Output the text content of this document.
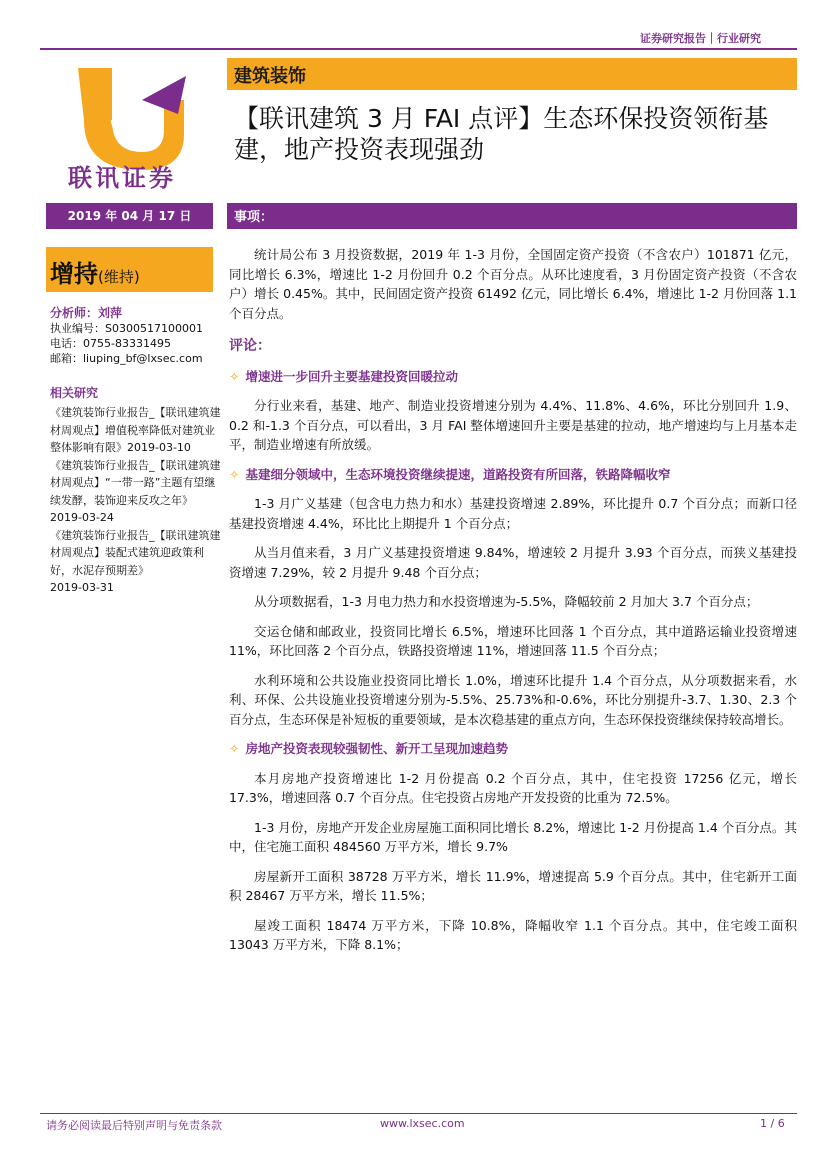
证券研究报告｜行业研究
联讯证券
建筑装饰
【联讯建筑 3 月 FAI 点评】生态环保投资领衔基建，地产投资表现强劲
2019 年 04 月 17 日	事项：
增持(维持)
分析师：刘萍
执业编号：S0300517100001
电话：0755-83331495
邮箱：liuping_bf@lxsec.com
相关研究

《建筑装饰行业报告_【联讯建筑建材周观点】增值税率降低对建筑业整体影响有限》2019-03-10

《建筑装饰行业报告_【联讯建筑建材周观点】“一带一路”主题有望继续发酵，装饰迎来反攻之年》

2019-03-24

《建筑装饰行业报告_【联讯建筑建材周观点】装配式建筑迎政策利好，水泥存预期差》

2019-03-31

统计局公布 3 月投资数据，2019 年 1-3 月份，全国固定资产投资（不含农户）101871 亿元，同比增长 6.3%，增速比 1-2 月份回升 0.2 个百分点。从环比速度看，3 月份固定资产投资（不含农户）增长 0.45%。其中，民间固定资产投资 61492 亿元，同比增长 6.4%，增速比 1-2 月份回落 1.1 个百分点。

评论：
✧ 增速进一步回升主要基建投资回暖拉动

分行业来看，基建、地产、制造业投资增速分别为 4.4%、11.8%、4.6%，环比分别回升 1.9、0.2 和-1.3 个百分点，可以看出，3 月 FAI 整体增速回升主要是基建的拉动，地产增速均与上月基本走平，制造业增速有所放缓。

✧ 基建细分领域中，生态环境投资继续提速，道路投资有所回落，铁路降幅收窄

1-3 月广义基建（包含电力热力和水）基建投资增速 2.89%，环比提升 0.7 个百分点；而新口径基建投资增速 4.4%，环比比上期提升 1 个百分点；

从当月值来看，3 月广义基建投资增速 9.84%，增速较 2 月提升 3.93 个百分点，而狭义基建投资增速 7.29%，较 2 月提升 9.48 个百分点；

从分项数据看，1-3 月电力热力和水投资增速为-5.5%，降幅较前 2 月加大 3.7 个百分点；

交运仓储和邮政业，投资同比增长 6.5%，增速环比回落 1 个百分点，其中道路运输业投资增速 11%，环比回落 2 个百分点，铁路投资增速 11%，增速回落 11.5 个百分点；

水利环境和公共设施业投资同比增长 1.0%，增速环比提升 1.4 个百分点，从分项数据来看，水利、环保、公共设施业投资增速分别为-5.5%、25.73%和-0.6%，环比分别提升-3.7、1.30、2.3 个百分点，生态环保是补短板的重要领域，是本次稳基建的重点方向，生态环保投资继续保持较高增长。

✧ 房地产投资表现较强韧性、新开工呈现加速趋势

本月房地产投资增速比 1-2 月份提高 0.2 个百分点，其中，住宅投资 17256 亿元，增长 17.3%，增速回落 0.7 个百分点。住宅投资占房地产开发投资的比重为 72.5%。

1-3 月份，房地产开发企业房屋施工面积同比增长 8.2%，增速比 1-2 月份提高 1.4 个百分点。其中，住宅施工面积 484560 万平方米，增长 9.7%

房屋新开工面积 38728 万平方米，增长 11.9%，增速提高 5.9 个百分点。其中，住宅新开工面积 28467 万平方米，增长 11.5%；

屋竣工面积 18474 万平方米，下降 10.8%，降幅收窄 1.1 个百分点。其中，住宅竣工面积 13043 万平方米，下降 8.1%；

请务必阅读最后特别声明与免责条款	www.lxsec.com	1 / 6
